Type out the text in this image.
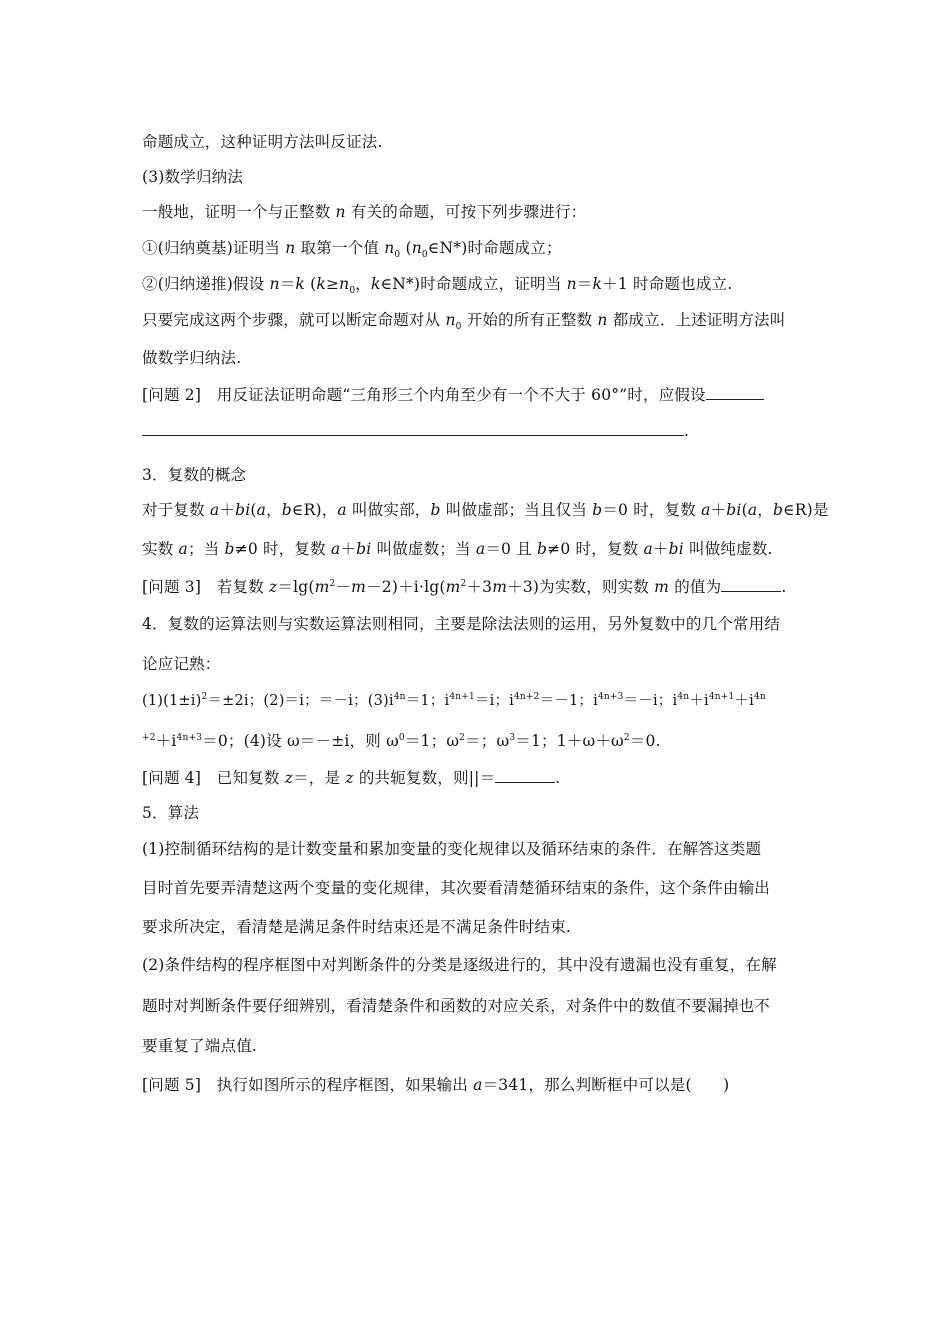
命题成立，这种证明方法叫反证法.
(3)数学归纳法
一般地，证明一个与正整数 n 有关的命题，可按下列步骤进行：
①(归纳奠基)证明当 n 取第一个值 $n_0$ $(n_0\in N*)$时命题成立；
②(归纳递推)假设 n＝k ($k\ge n_0$，k∈N*)时命题成立，证明当 n＝k＋1 时命题也成立.
只要完成这两个步骤，就可以断定命题对从 $n_0$ 开始的所有正整数 n 都成立．上述证明方法叫
做数学归纳法.
[问题 2]　用反证法证明命题“三角形三个内角至少有一个不大于 60°”时，应假设
.
3．复数的概念
对于复数 a＋bi(a，b∈R)，a 叫做实部，b 叫做虚部；当且仅当 b＝0 时，复数 a＋bi(a，b∈R)是
实数 a；当 b≠0 时，复数 a＋bi 叫做虚数；当 a＝0 且 b≠0 时，复数 a＋bi 叫做纯虚数.
[问题 3]　若复数 $z=\lg(m^2-m-2)+i\cdot\lg(m^2+3m+3)$为实数，则实数 m 的值为	.
4．复数的运算法则与实数运算法则相同，主要是除法法则的运用，另外复数中的几个常用结
论应记熟：
$(1)(1\pm i)^2=\pm 2i$；(2)＝i；＝－i；$(3)i^{4n}=1$；$i^{4n+1}=i$；$i^{4n+2}=-1$；$i^{4n+3}=-i$；$i^{4n}+i^{4n+1}+i^{4n}$
$^{+2}+i^{4n+3}=0$；(4)设 ω＝－±i，则 $\omega^0=1$；$\omega^2=$；$\omega^3=1$；$1+\omega+\omega^2=0$.
[问题 4]　已知复数 z＝，是 z 的共轭复数，则||＝	.
5．算法
(1)控制循环结构的是计数变量和累加变量的变化规律以及循环结束的条件．在解答这类题
目时首先要弄清楚这两个变量的变化规律，其次要看清楚循环结束的条件，这个条件由输出
要求所决定，看清楚是满足条件时结束还是不满足条件时结束.
(2)条件结构的程序框图中对判断条件的分类是逐级进行的，其中没有遗漏也没有重复，在解
题时对判断条件要仔细辨别，看清楚条件和函数的对应关系，对条件中的数值不要漏掉也不
要重复了端点值.
[问题 5]　执行如图所示的程序框图，如果输出 a＝341，那么判断框中可以是(　　)
